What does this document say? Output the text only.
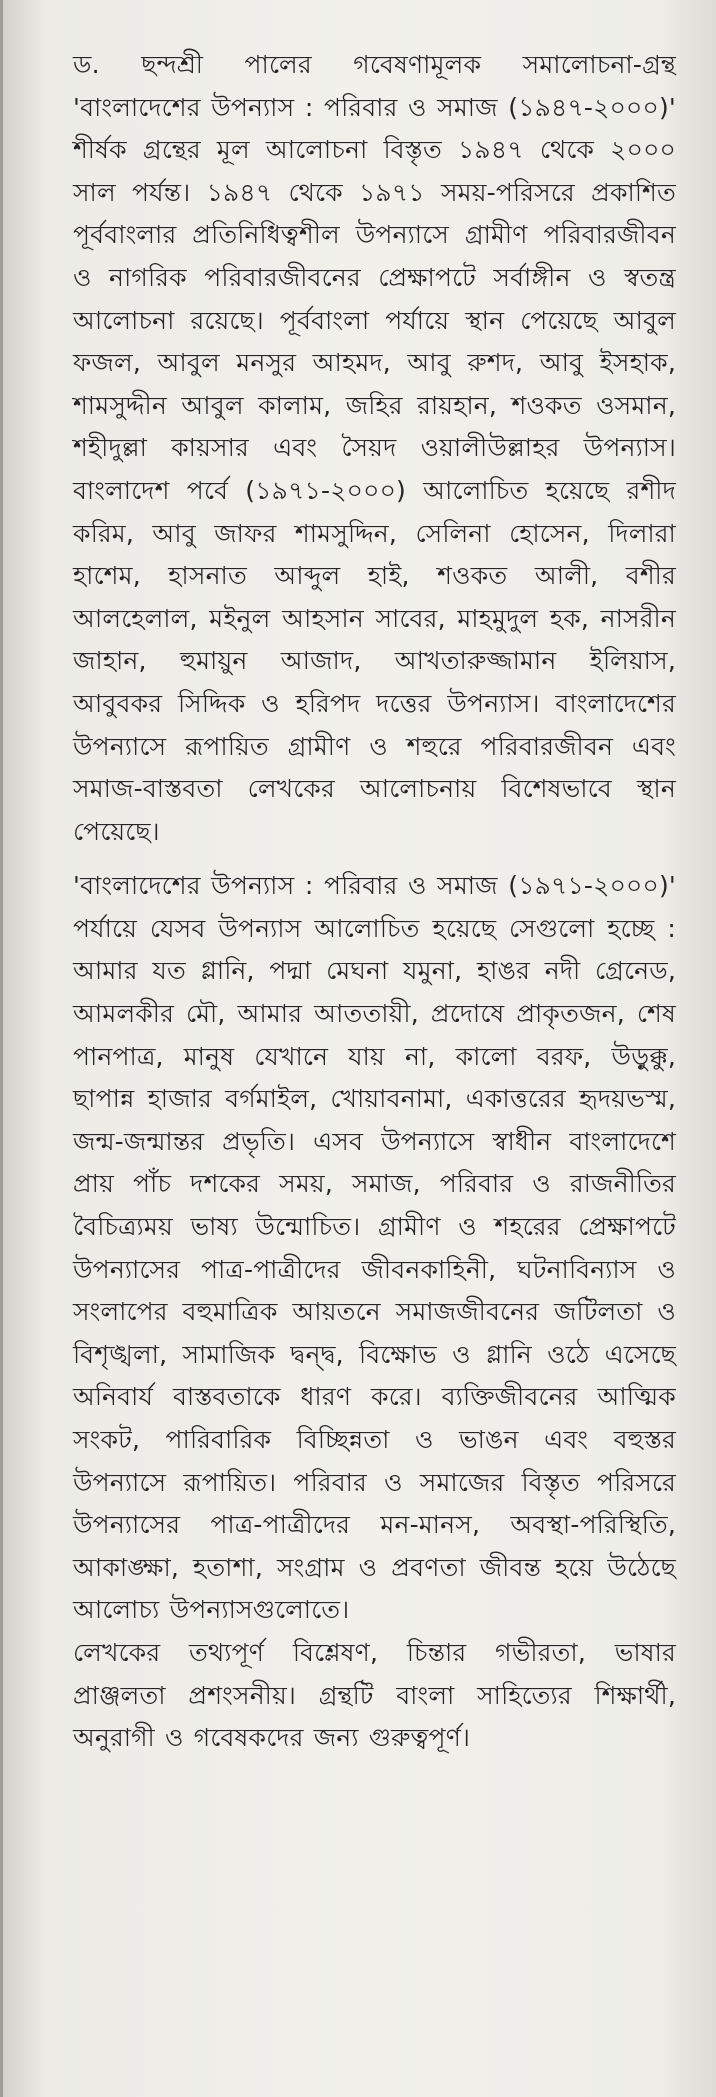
ড. ছন্দশ্রী পালের গবেষণামূলক সমালোচনা-গ্রন্থ 'বাংলাদেশের উপন্যাস : পরিবার ও সমাজ (১৯৪৭-২০০০)' শীর্ষক গ্রন্থের মূল আলোচনা বিস্তৃত ১৯৪৭ থেকে ২০০০ সাল পর্যন্ত। ১৯৪৭ থেকে ১৯৭১ সময়-পরিসরে প্রকাশিত পূর্ববাংলার প্রতিনিধিত্বশীল উপন্যাসে গ্রামীণ পরিবারজীবন ও নাগরিক পরিবারজীবনের প্রেক্ষাপটে সর্বাঙ্গীন ও স্বতন্ত্র আলোচনা রয়েছে। পূর্ববাংলা পর্যায়ে স্থান পেয়েছে আবুল ফজল, আবুল মনসুর আহমদ, আবু রুশদ, আবু ইসহাক, শামসুদ্দীন আবুল কালাম, জহির রায়হান, শওকত ওসমান, শহীদুল্লা কায়সার এবং সৈয়দ ওয়ালীউল্লাহর উপন্যাস। বাংলাদেশ পর্বে (১৯৭১-২০০০) আলোচিত হয়েছে রশীদ করিম, আবু জাফর শামসুদ্দিন, সেলিনা হোসেন, দিলারা হাশেম, হাসনাত আব্দুল হাই, শওকত আলী, বশীর আলহেলাল, মইনুল আহসান সাবের, মাহমুদুল হক, নাসরীন জাহান, হুমায়ুন আজাদ, আখতারুজ্জামান ইলিয়াস, আবুবকর সিদ্দিক ও হরিপদ দত্তের উপন্যাস। বাংলাদেশের উপন্যাসে রূপায়িত গ্রামীণ ও শহুরে পরিবারজীবন এবং সমাজ-বাস্তবতা লেখকের আলোচনায় বিশেষভাবে স্থান পেয়েছে।

'বাংলাদেশের উপন্যাস : পরিবার ও সমাজ (১৯৭১-২০০০)' পর্যায়ে যেসব উপন্যাস আলোচিত হয়েছে সেগুলো হচ্ছে : আমার যত গ্লানি, পদ্মা মেঘনা যমুনা, হাঙর নদী গ্রেনেড, আমলকীর মৌ, আমার আততায়ী, প্রদোষে প্রাকৃতজন, শেষ পানপাত্র, মানুষ যেখানে যায় না, কালো বরফ, উড়ুক্কু, ছাপান্ন হাজার বর্গমাইল, খোয়াবনামা, একাত্তরের হৃদয়ভস্ম, জন্ম-জন্মান্তর প্রভৃতি। এসব উপন্যাসে স্বাধীন বাংলাদেশে প্রায় পাঁচ দশকের সময়, সমাজ, পরিবার ও রাজনীতির বৈচিত্র্যময় ভাষ্য উন্মোচিত। গ্রামীণ ও শহরের প্রেক্ষাপটে উপন্যাসের পাত্র-পাত্রীদের জীবনকাহিনী, ঘটনাবিন্যাস ও সংলাপের বহুমাত্রিক আয়তনে সমাজজীবনের জটিলতা ও বিশৃঙ্খলা, সামাজিক দ্বন্দ্ব, বিক্ষোভ ও গ্লানি ওঠে এসেছে অনিবার্য বাস্তবতাকে ধারণ করে। ব্যক্তিজীবনের আত্মিক সংকট, পারিবারিক বিচ্ছিন্নতা ও ভাঙন এবং বহুস্তর উপন্যাসে রূপায়িত। পরিবার ও সমাজের বিস্তৃত পরিসরে উপন্যাসের পাত্র-পাত্রীদের মন-মানস, অবস্থা-পরিস্থিতি, আকাঙ্ক্ষা, হতাশা, সংগ্রাম ও প্রবণতা জীবন্ত হয়ে উঠেছে আলোচ্য উপন্যাসগুলোতে।

লেখকের তথ্যপূর্ণ বিশ্লেষণ, চিন্তার গভীরতা, ভাষার প্রাঞ্জলতা প্রশংসনীয়। গ্রন্থটি বাংলা সাহিত্যের শিক্ষার্থী, অনুরাগী ও গবেষকদের জন্য গুরুত্বপূর্ণ।
